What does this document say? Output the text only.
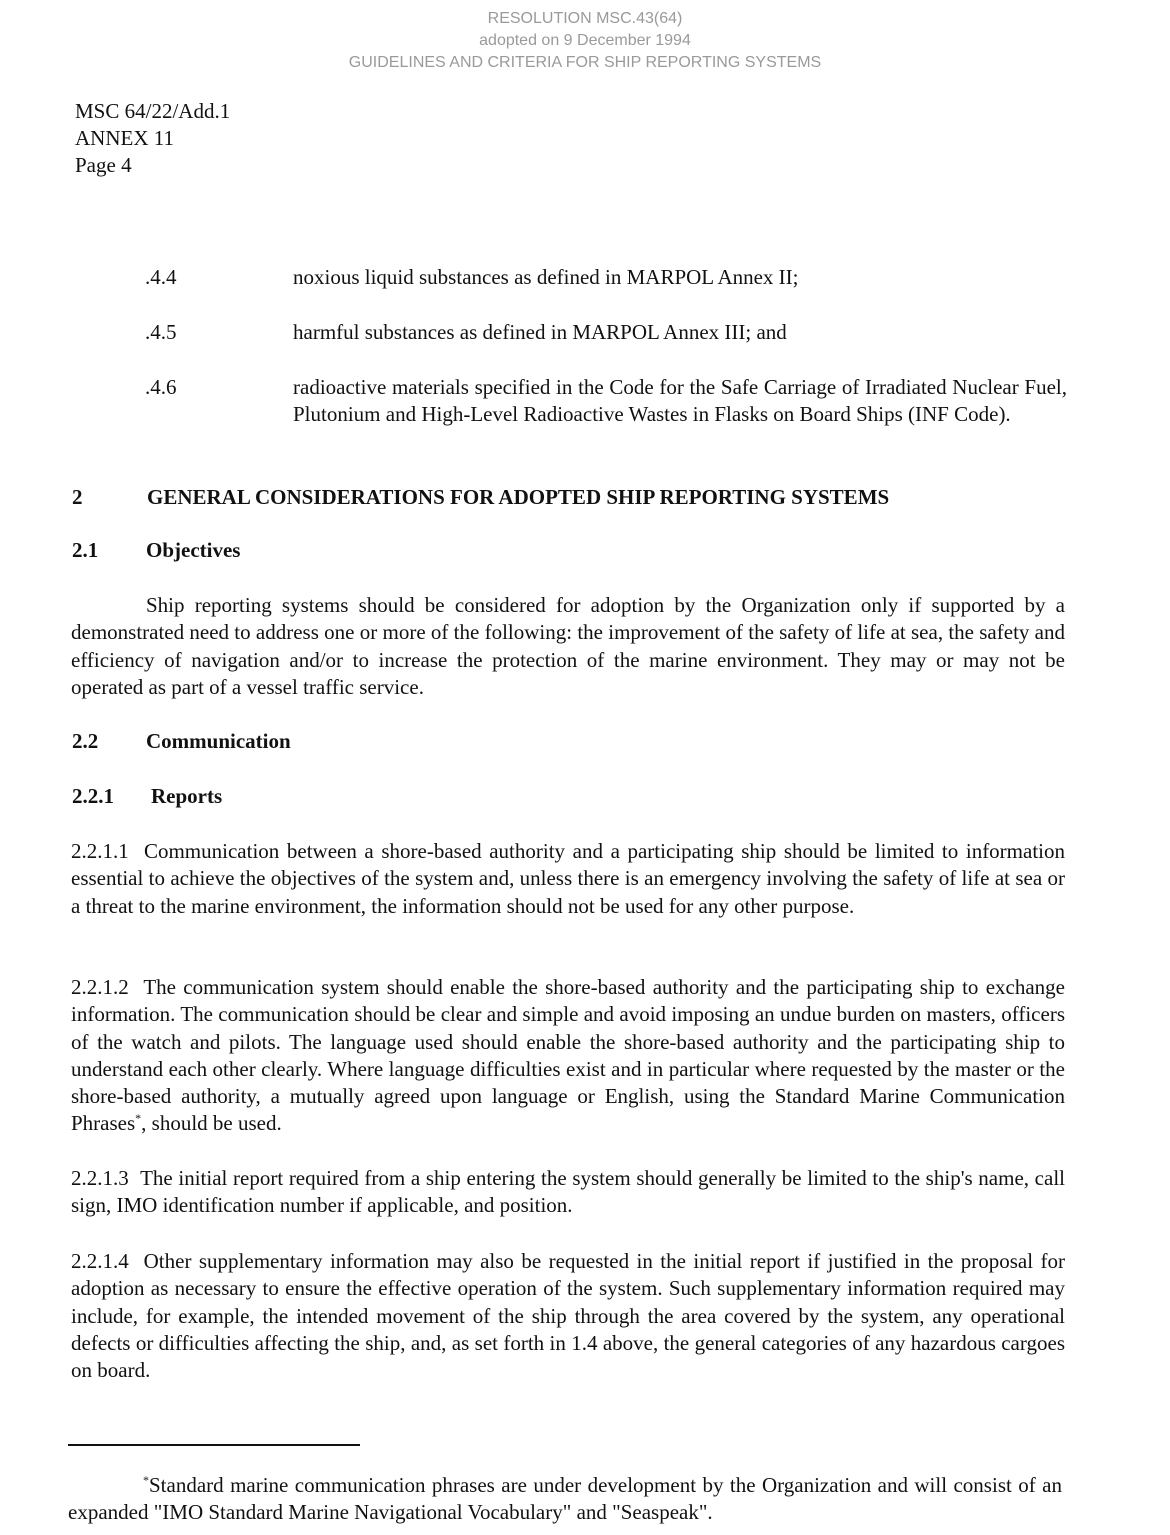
RESOLUTION MSC.43(64)
adopted on 9 December 1994
GUIDELINES AND CRITERIA FOR SHIP REPORTING SYSTEMS
MSC 64/22/Add.1
ANNEX 11
Page 4
.4.4	noxious liquid substances as defined in MARPOL Annex II;
.4.5	harmful substances as defined in MARPOL Annex III; and
.4.6	radioactive materials specified in the Code for the Safe Carriage of Irradiated Nuclear Fuel, Plutonium and High-Level Radioactive Wastes in Flasks on Board Ships (INF Code).
2	GENERAL CONSIDERATIONS FOR ADOPTED SHIP REPORTING SYSTEMS
2.1 Objectives
Ship reporting systems should be considered for adoption by the Organization only if supported by a demonstrated need to address one or more of the following: the improvement of the safety of life at sea, the safety and efficiency of navigation and/or to increase the protection of the marine environment. They may or may not be operated as part of a vessel traffic service.
2.2 Communication
2.2.1 Reports
2.2.1.1 Communication between a shore-based authority and a participating ship should be limited to information essential to achieve the objectives of the system and, unless there is an emergency involving the safety of life at sea or a threat to the marine environment, the information should not be used for any other purpose.
2.2.1.2 The communication system should enable the shore-based authority and the participating ship to exchange information. The communication should be clear and simple and avoid imposing an undue burden on masters, officers of the watch and pilots. The language used should enable the shore-based authority and the participating ship to understand each other clearly. Where language difficulties exist and in particular where requested by the master or the shore-based authority, a mutually agreed upon language or English, using the Standard Marine Communication Phrases*, should be used.
2.2.1.3 The initial report required from a ship entering the system should generally be limited to the ship's name, call sign, IMO identification number if applicable, and position.
2.2.1.4 Other supplementary information may also be requested in the initial report if justified in the proposal for adoption as necessary to ensure the effective operation of the system. Such supplementary information required may include, for example, the intended movement of the ship through the area covered by the system, any operational defects or difficulties affecting the ship, and, as set forth in 1.4 above, the general categories of any hazardous cargoes on board.
*Standard marine communication phrases are under development by the Organization and will consist of an expanded "IMO Standard Marine Navigational Vocabulary" and "Seaspeak".
